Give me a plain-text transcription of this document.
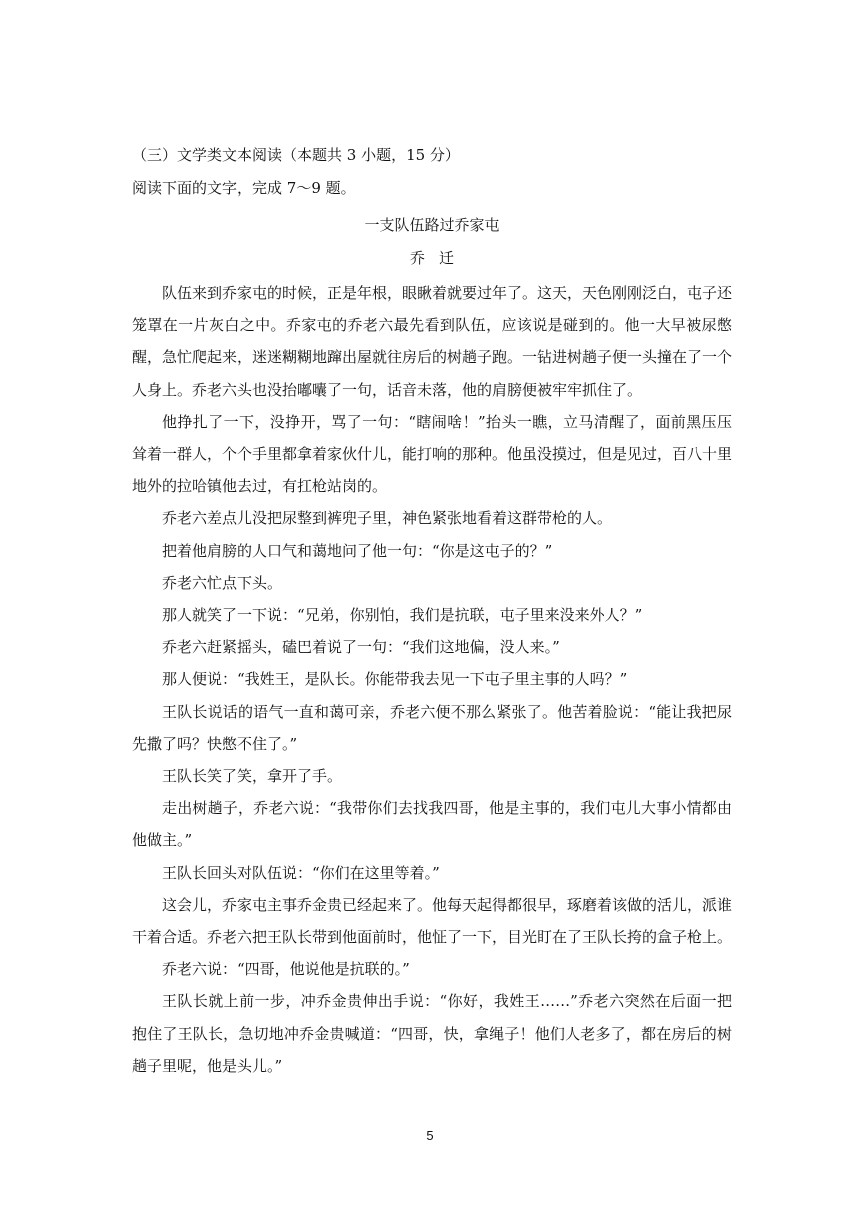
（三）文学类文本阅读（本题共 3 小题，15 分）

阅读下面的文字，完成 7～9 题。

一支队伍路过乔家屯

乔迁

队伍来到乔家屯的时候，正是年根，眼瞅着就要过年了。这天，天色刚刚泛白，屯子还笼罩在一片灰白之中。乔家屯的乔老六最先看到队伍，应该说是碰到的。他一大早被尿憋醒，急忙爬起来，迷迷糊糊地蹿出屋就往房后的树趟子跑。一钻进树趟子便一头撞在了一个人身上。乔老六头也没抬嘟囔了一句，话音未落，他的肩膀便被牢牢抓住了。

他挣扎了一下，没挣开，骂了一句：“瞎闹啥！”抬头一瞧，立马清醒了，面前黑压压耸着一群人，个个手里都拿着家伙什儿，能打响的那种。他虽没摸过，但是见过，百八十里地外的拉哈镇他去过，有扛枪站岗的。

乔老六差点儿没把尿整到裤兜子里，神色紧张地看着这群带枪的人。

把着他肩膀的人口气和蔼地问了他一句：“你是这屯子的？”

乔老六忙点下头。

那人就笑了一下说：“兄弟，你别怕，我们是抗联，屯子里来没来外人？”

乔老六赶紧摇头，磕巴着说了一句：“我们这地偏，没人来。”

那人便说：“我姓王，是队长。你能带我去见一下屯子里主事的人吗？”

王队长说话的语气一直和蔼可亲，乔老六便不那么紧张了。他苦着脸说：“能让我把尿先撒了吗？快憋不住了。”

王队长笑了笑，拿开了手。

走出树趟子，乔老六说：“我带你们去找我四哥，他是主事的，我们屯儿大事小情都由他做主。”

王队长回头对队伍说：“你们在这里等着。”

这会儿，乔家屯主事乔金贵已经起来了。他每天起得都很早，琢磨着该做的活儿，派谁干着合适。乔老六把王队长带到他面前时，他怔了一下，目光盯在了王队长挎的盒子枪上。

乔老六说：“四哥，他说他是抗联的。”

王队长就上前一步，冲乔金贵伸出手说：“你好，我姓王……”乔老六突然在后面一把抱住了王队长，急切地冲乔金贵喊道：“四哥，快，拿绳子！他们人老多了，都在房后的树趟子里呢，他是头儿。”

5
